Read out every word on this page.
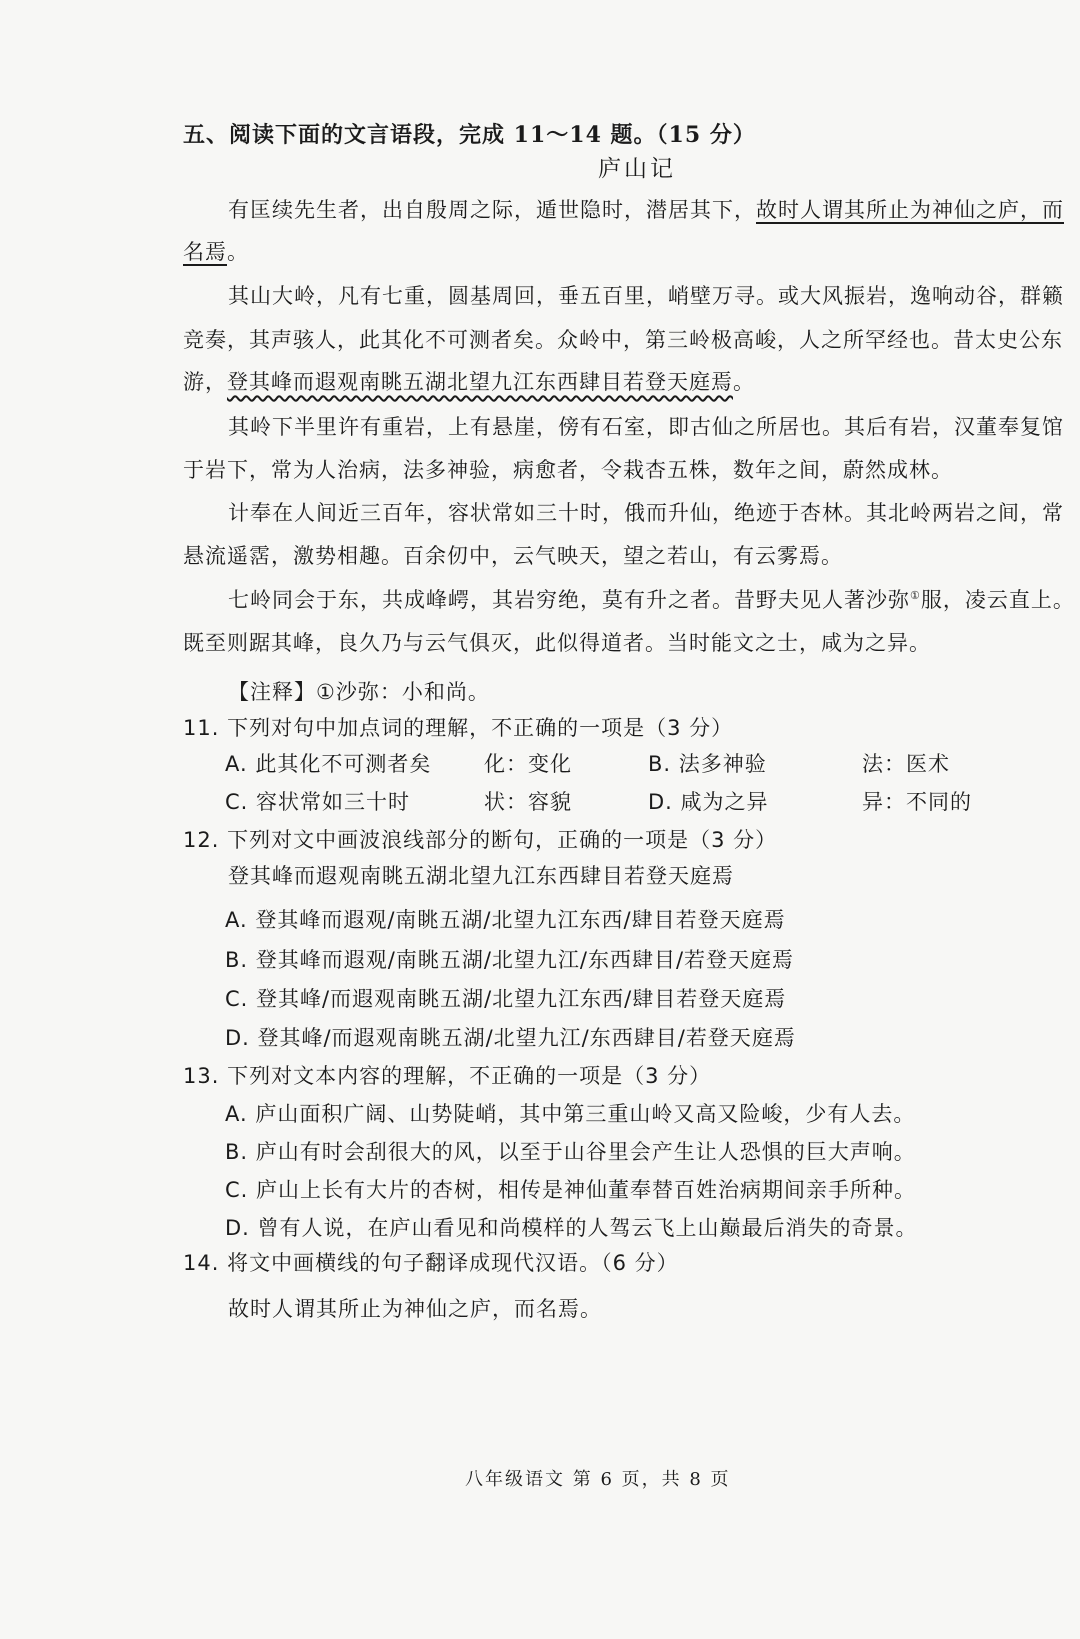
五、阅读下面的文言语段，完成 11～14 题。（15 分）
庐山记
有匡续先生者，出自殷周之际，遁世隐时，潜居其下，故时人谓其所止为神仙之庐，而
名焉。
其山大岭，凡有七重，圆基周回，垂五百里，峭壁万寻。或大风振岩，逸响动谷，群籁
竞奏，其声骇人，此其化不可测者矣。众岭中，第三岭极高峻，人之所罕经也。昔太史公东
游，登其峰而遐观南眺五湖北望九江东西肆目若登天庭焉。
其岭下半里许有重岩，上有悬崖，傍有石室，即古仙之所居也。其后有岩，汉董奉复馆
于岩下，常为人治病，法多神验，病愈者，令栽杏五株，数年之间，蔚然成林。
计奉在人间近三百年，容状常如三十时，俄而升仙，绝迹于杏林。其北岭两岩之间，常
悬流遥霑，激势相趣。百余仞中，云气映天，望之若山，有云雾焉。
七岭同会于东，共成峰崿，其岩穷绝，莫有升之者。昔野夫见人著沙弥①服，凌云直上。
既至则踞其峰，良久乃与云气俱灭，此似得道者。当时能文之士，咸为之异。
【注释】①沙弥：小和尚。
11. 下列对句中加点词的理解，不正确的一项是（3 分）
A. 此其化不可测者矣	化：变化	B. 法多神验	法：医术
C. 容状常如三十时	状：容貌	D. 咸为之异	异：不同的
12. 下列对文中画波浪线部分的断句，正确的一项是（3 分）
登其峰而遐观南眺五湖北望九江东西肆目若登天庭焉
A. 登其峰而遐观/南眺五湖/北望九江东西/肆目若登天庭焉
B. 登其峰而遐观/南眺五湖/北望九江/东西肆目/若登天庭焉
C. 登其峰/而遐观南眺五湖/北望九江东西/肆目若登天庭焉
D. 登其峰/而遐观南眺五湖/北望九江/东西肆目/若登天庭焉
13. 下列对文本内容的理解，不正确的一项是（3 分）
A. 庐山面积广阔、山势陡峭，其中第三重山岭又高又险峻，少有人去。
B. 庐山有时会刮很大的风，以至于山谷里会产生让人恐惧的巨大声响。
C. 庐山上长有大片的杏树，相传是神仙董奉替百姓治病期间亲手所种。
D. 曾有人说，在庐山看见和尚模样的人驾云飞上山巅最后消失的奇景。
14. 将文中画横线的句子翻译成现代汉语。（6 分）
故时人谓其所止为神仙之庐，而名焉。
八年级语文 第 6 页，共 8 页
